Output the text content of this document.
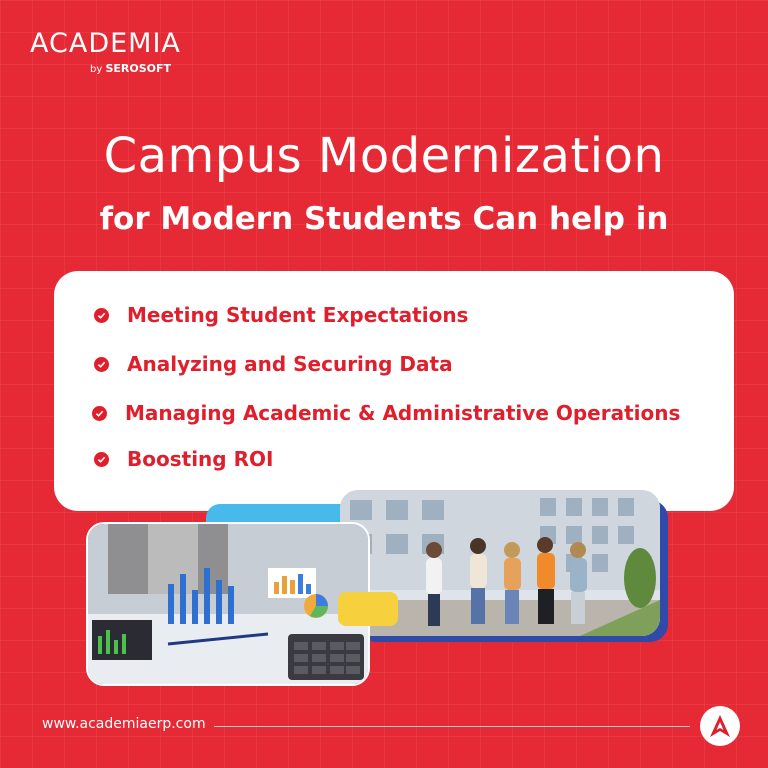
ACADEMIA
by SEROSOFT
Campus Modernization
for Modern Students Can help in
Meeting Student Expectations
Analyzing and Securing Data
Managing Academic & Administrative Operations
Boosting ROI
www.academiaerp.com
